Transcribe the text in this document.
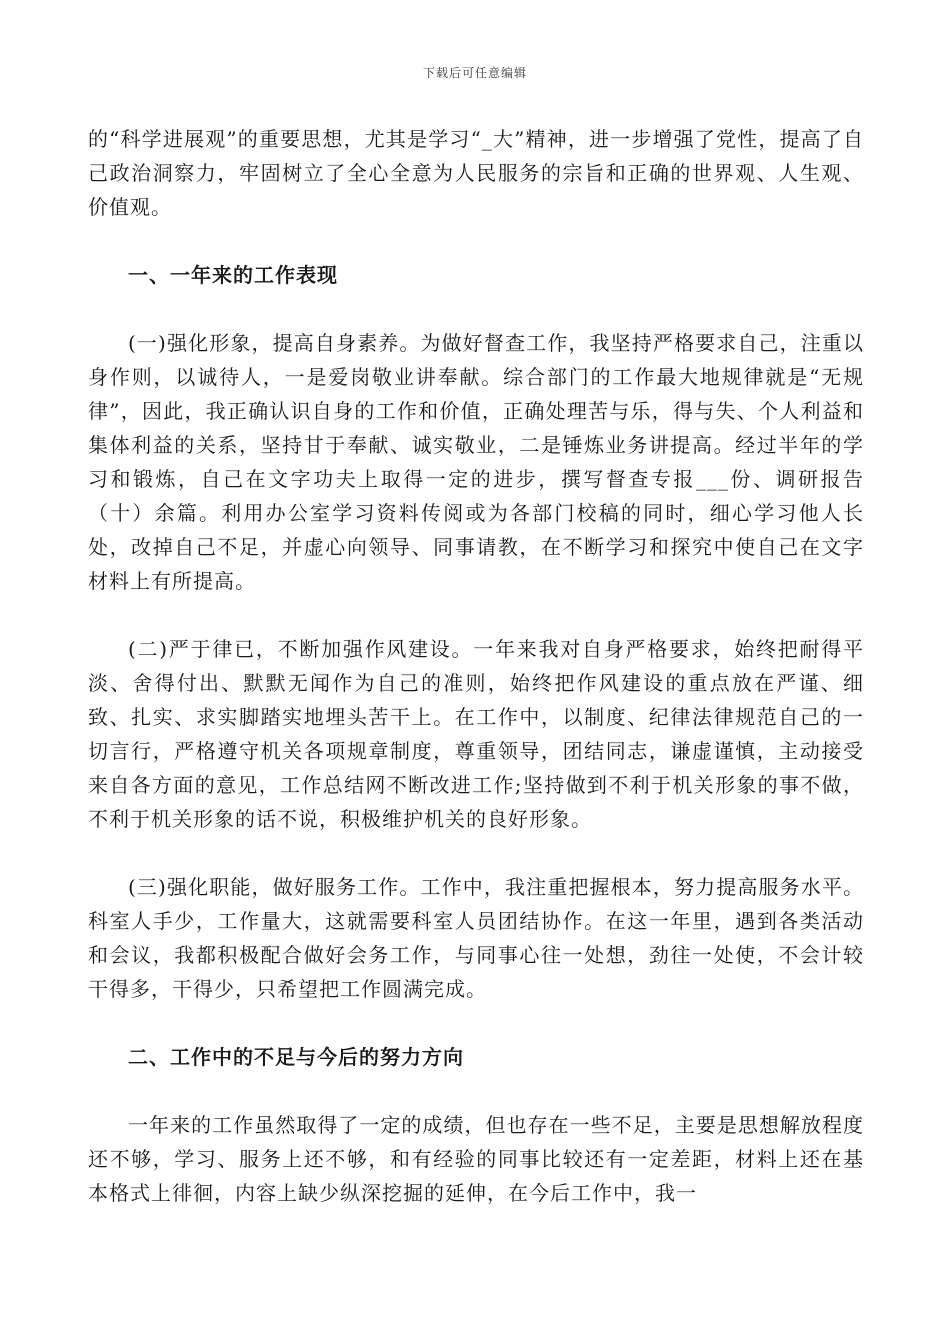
下载后可任意编辑

的“科学进展观”的重要思想，尤其是学习“_大”精神，进一步增强了党性，提高了自己政治洞察力，牢固树立了全心全意为人民服务的宗旨和正确的世界观、人生观、价值观。

一、一年来的工作表现

(一)强化形象，提高自身素养。为做好督查工作，我坚持严格要求自己，注重以身作则，以诚待人，一是爱岗敬业讲奉献。综合部门的工作最大地规律就是“无规律”，因此，我正确认识自身的工作和价值，正确处理苦与乐，得与失、个人利益和集体利益的关系，坚持甘于奉献、诚实敬业，二是锤炼业务讲提高。经过半年的学习和锻炼，自己在文字功夫上取得一定的进步，撰写督查专报___份、调研报告（十）余篇。利用办公室学习资料传阅或为各部门校稿的同时，细心学习他人长处，改掉自己不足，并虚心向领导、同事请教，在不断学习和探究中使自己在文字材料上有所提高。

(二)严于律已，不断加强作风建设。一年来我对自身严格要求，始终把耐得平淡、舍得付出、默默无闻作为自己的准则，始终把作风建设的重点放在严谨、细致、扎实、求实脚踏实地埋头苦干上。在工作中，以制度、纪律法律规范自己的一切言行，严格遵守机关各项规章制度，尊重领导，团结同志，谦虚谨慎，主动接受来自各方面的意见，工作总结网不断改进工作;坚持做到不利于机关形象的事不做，不利于机关形象的话不说，积极维护机关的良好形象。

(三)强化职能，做好服务工作。工作中，我注重把握根本，努力提高服务水平。科室人手少，工作量大，这就需要科室人员团结协作。在这一年里，遇到各类活动和会议，我都积极配合做好会务工作，与同事心往一处想，劲往一处使，不会计较干得多，干得少，只希望把工作圆满完成。

二、工作中的不足与今后的努力方向

一年来的工作虽然取得了一定的成绩，但也存在一些不足，主要是思想解放程度还不够，学习、服务上还不够，和有经验的同事比较还有一定差距，材料上还在基本格式上徘徊，内容上缺少纵深挖掘的延伸，在今后工作中，我一
